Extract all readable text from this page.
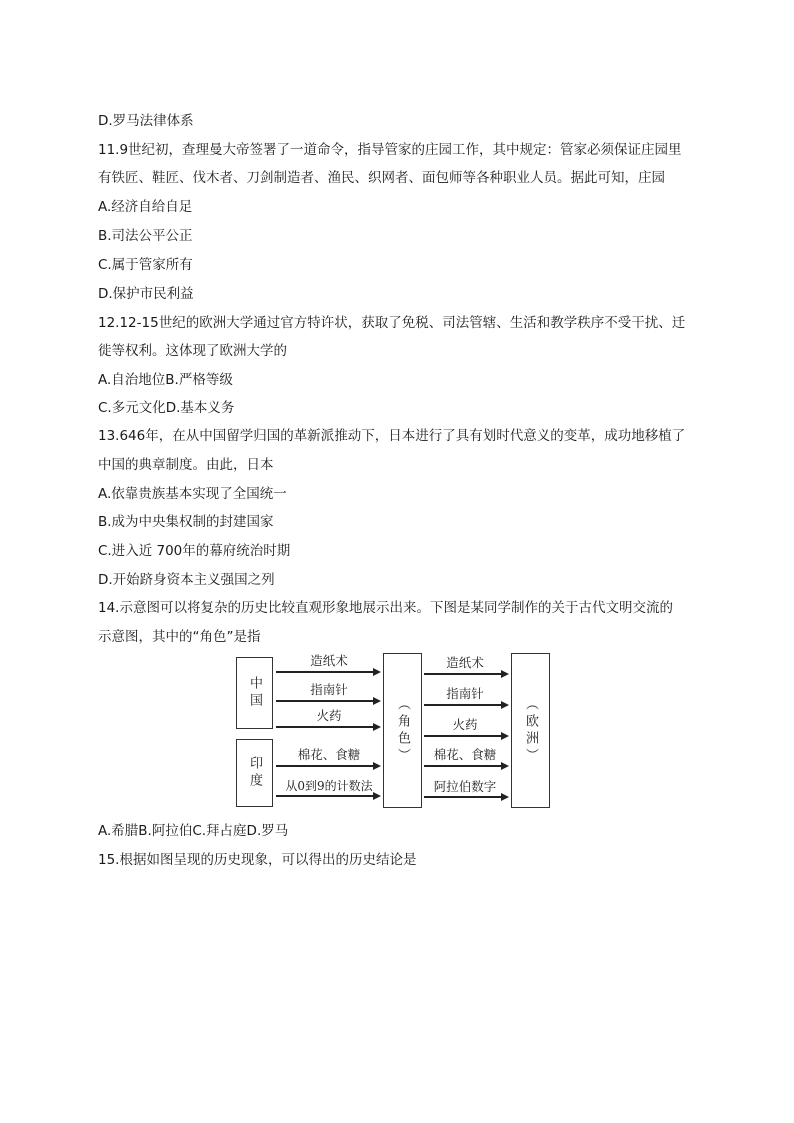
D.罗马法律体系
11.9世纪初，查理曼大帝签署了一道命令，指导管家的庄园工作，其中规定：管家必须保证庄园里
有铁匠、鞋匠、伐木者、刀剑制造者、渔民、织网者、面包师等各种职业人员。据此可知，庄园
A.经济自给自足
B.司法公平公正
C.属于管家所有
D.保护市民利益
12.12-15世纪的欧洲大学通过官方特许状，获取了免税、司法管辖、生活和教学秩序不受干扰、迁
徙等权利。这体现了欧洲大学的
A.自治地位B.严格等级
C.多元文化D.基本义务
13.646年，在从中国留学归国的革新派推动下，日本进行了具有划时代意义的变革，成功地移植了
中国的典章制度。由此，日本
A.依靠贵族基本实现了全国统一
B.成为中央集权制的封建国家
C.进入近 700年的幕府统治时期
D.开始跻身资本主义强国之列
14.示意图可以将复杂的历史比较直观形象地展示出来。下图是某同学制作的关于古代文明交流的
示意图，其中的“角色”是指
A.希腊B.阿拉伯C.拜占庭D.罗马
15.根据如图呈现的历史现象，可以得出的历史结论是
中国
印度
（角色）	（欧洲）
造纸术
指南针
火药
棉花、食糖
从0到9的计数法
造纸术
指南针
火药
棉花、食糖
阿拉伯数字
